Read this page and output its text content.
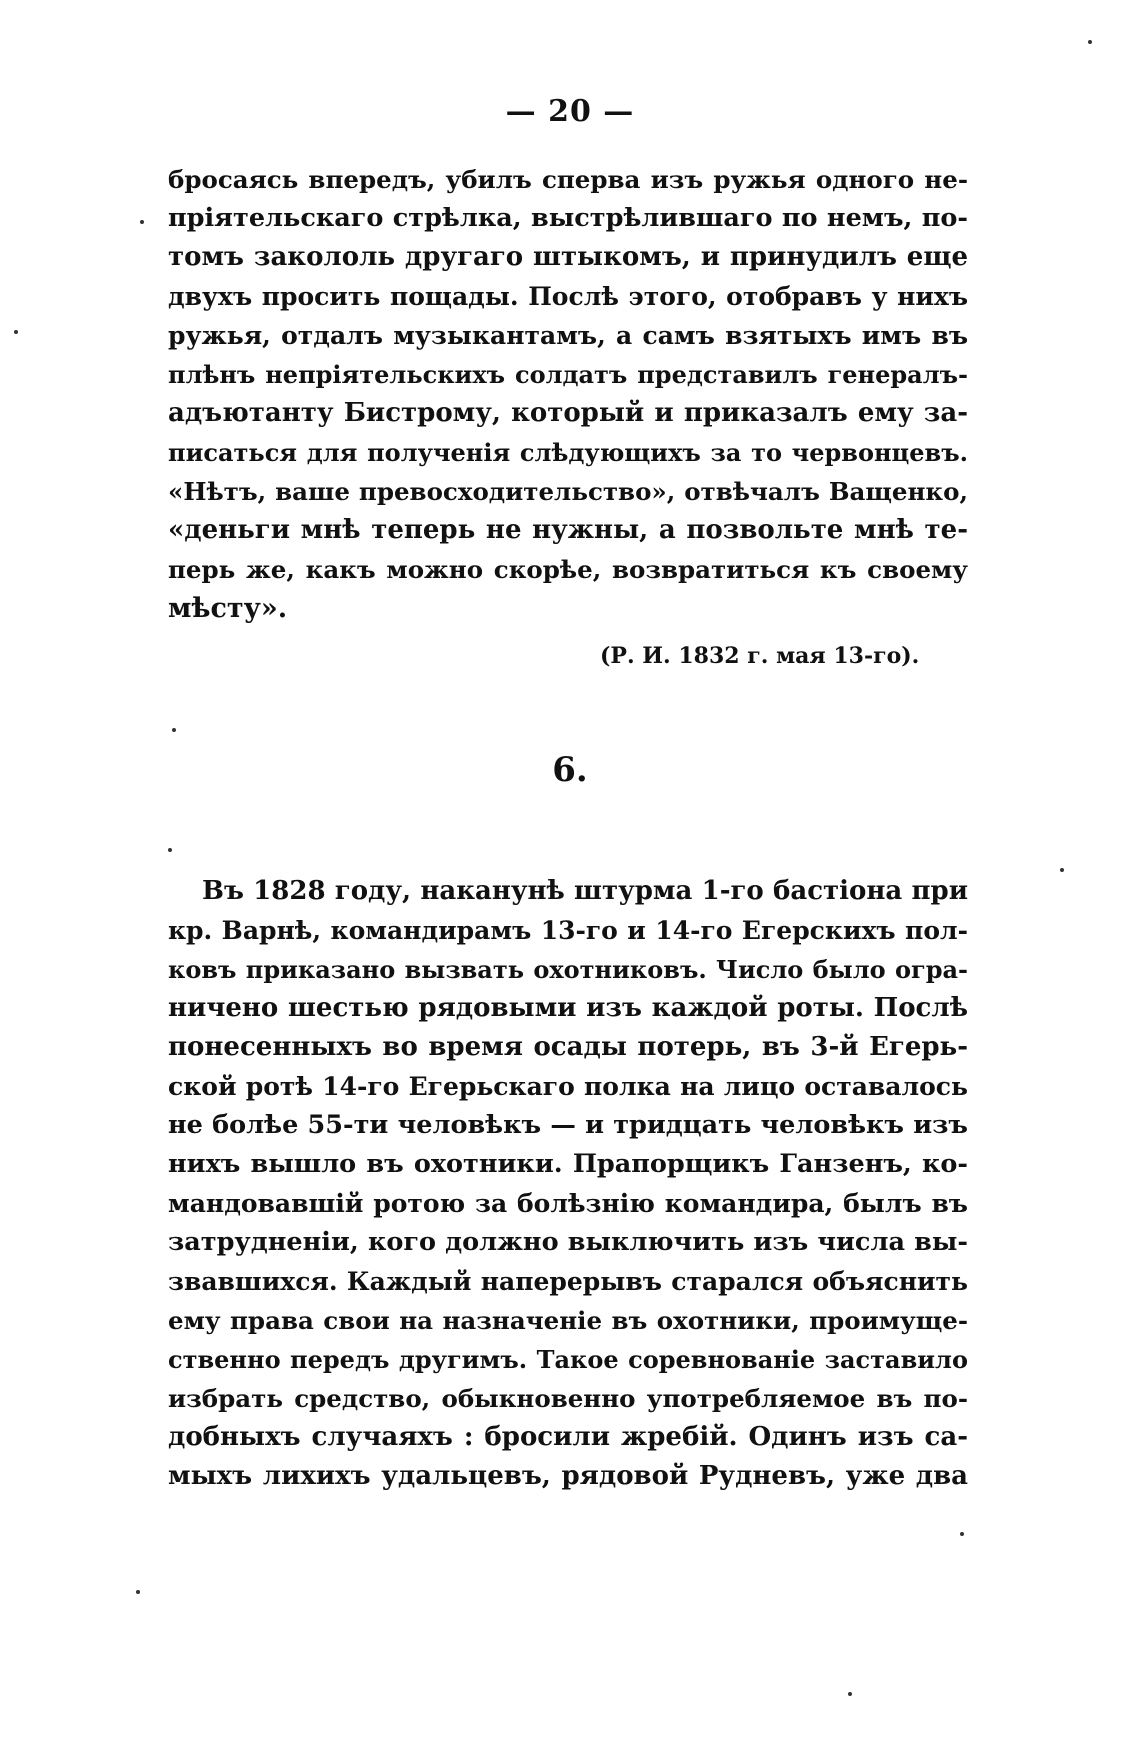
— 20 —
бросаясь впередъ, убилъ сперва изъ ружья одного не-
пріятельскаго стрѣлка, выстрѣлившаго по немъ, по-
томъ закололь другаго штыкомъ, и принудилъ еще
двухъ просить пощады. Послѣ этого, отобравъ у нихъ
ружья, отдалъ музыкантамъ, а самъ взятыхъ имъ въ
плѣнъ непріятельскихъ солдатъ представилъ генералъ-
адъютанту Бистрому, который и приказалъ ему за-
писаться для полученія слѣдующихъ за то червонцевъ.
«Нѣтъ, ваше превосходительство», отвѣчалъ Ващенко,
«деньги мнѣ теперь не нужны, а позвольте мнѣ те-
перь же, какъ можно скорѣе, возвратиться къ своему
мѣсту».
(Р. И. 1832 г. мая 13-го).
6.
Въ 1828 году, наканунѣ штурма 1-го бастіона при
кр. Варнѣ, командирамъ 13-го и 14-го Егерскихъ пол-
ковъ приказано вызвать охотниковъ. Число было огра-
ничено шестью рядовыми изъ каждой роты. Послѣ
понесенныхъ во время осады потерь, въ 3-й Егерь-
ской ротѣ 14-го Егерьскаго полка на лицо оставалось
не болѣе 55-ти человѣкъ — и тридцать человѣкъ изъ
нихъ вышло въ охотники. Прапорщикъ Ганзенъ, ко-
мандовавшій ротою за болѣзнію командира, былъ въ
затрудненіи, кого должно выключить изъ числа вы-
звавшихся. Каждый наперерывъ старался объяснить
ему права свои на назначеніе въ охотники, проимуще-
ственно передъ другимъ. Такое соревнованіе заставило
избрать средство, обыкновенно употребляемое въ по-
добныхъ случаяхъ : бросили жребій. Одинъ изъ са-
мыхъ лихихъ удальцевъ, рядовой Рудневъ, уже два
